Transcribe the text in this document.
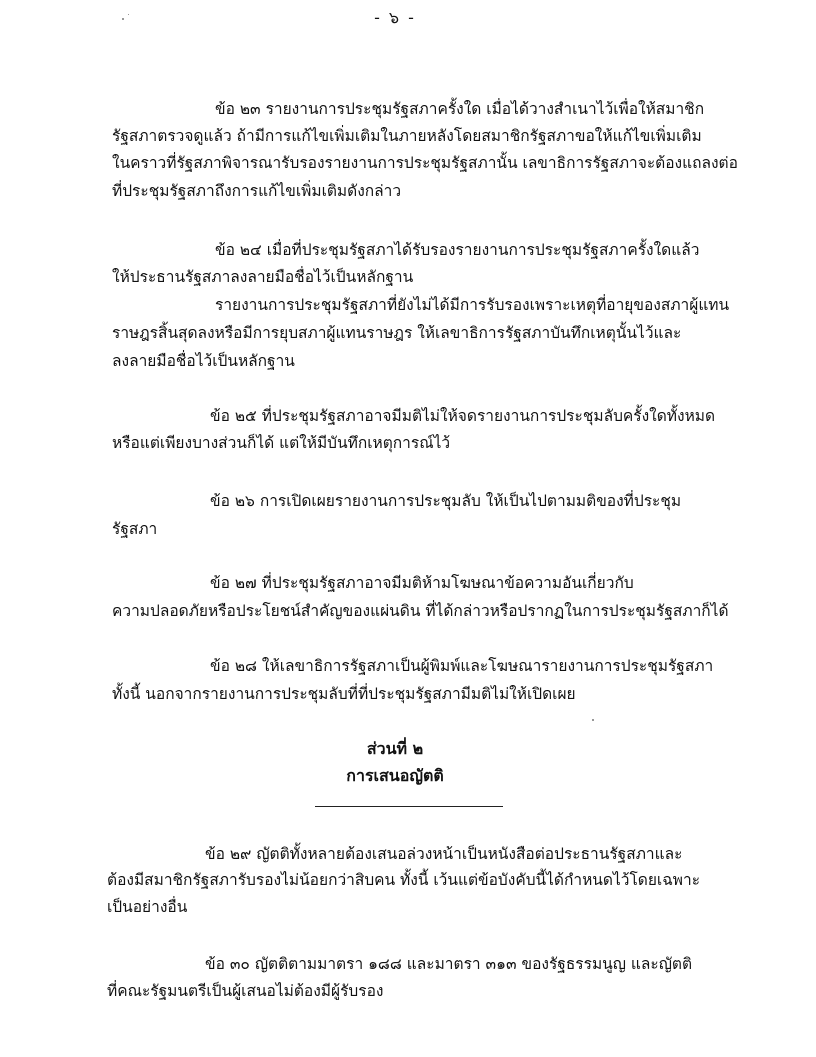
- ๖ -
ข้อ ๒๓ รายงานการประชุมรัฐสภาครั้งใด เมื่อได้วางสำเนาไว้เพื่อให้สมาชิก
รัฐสภาตรวจดูแล้ว ถ้ามีการแก้ไขเพิ่มเติมในภายหลังโดยสมาชิกรัฐสภาขอให้แก้ไขเพิ่มเติม
ในคราวที่รัฐสภาพิจารณารับรองรายงานการประชุมรัฐสภานั้น เลขาธิการรัฐสภาจะต้องแถลงต่อ
ที่ประชุมรัฐสภาถึงการแก้ไขเพิ่มเติมดังกล่าว
ข้อ ๒๔ เมื่อที่ประชุมรัฐสภาได้รับรองรายงานการประชุมรัฐสภาครั้งใดแล้ว
ให้ประธานรัฐสภาลงลายมือชื่อไว้เป็นหลักฐาน
รายงานการประชุมรัฐสภาที่ยังไม่ได้มีการรับรองเพราะเหตุที่อายุของสภาผู้แทน
ราษฎรสิ้นสุดลงหรือมีการยุบสภาผู้แทนราษฎร ให้เลขาธิการรัฐสภาบันทึกเหตุนั้นไว้และ
ลงลายมือชื่อไว้เป็นหลักฐาน
ข้อ ๒๕ ที่ประชุมรัฐสภาอาจมีมติไม่ให้จดรายงานการประชุมลับครั้งใดทั้งหมด
หรือแต่เพียงบางส่วนก็ได้ แต่ให้มีบันทึกเหตุการณ์ไว้
ข้อ ๒๖ การเปิดเผยรายงานการประชุมลับ ให้เป็นไปตามมติของที่ประชุม
รัฐสภา
ข้อ ๒๗ ที่ประชุมรัฐสภาอาจมีมติห้ามโฆษณาข้อความอันเกี่ยวกับ
ความปลอดภัยหรือประโยชน์สำคัญของแผ่นดิน ที่ได้กล่าวหรือปรากฏในการประชุมรัฐสภาก็ได้
ข้อ ๒๘ ให้เลขาธิการรัฐสภาเป็นผู้พิมพ์และโฆษณารายงานการประชุมรัฐสภา
ทั้งนี้ นอกจากรายงานการประชุมลับที่ที่ประชุมรัฐสภามีมติไม่ให้เปิดเผย
ส่วนที่ ๒
การเสนอญัตติ
ข้อ ๒๙ ญัตติทั้งหลายต้องเสนอล่วงหน้าเป็นหนังสือต่อประธานรัฐสภาและ
ต้องมีสมาชิกรัฐสภารับรองไม่น้อยกว่าสิบคน ทั้งนี้ เว้นแต่ข้อบังคับนี้ได้กำหนดไว้โดยเฉพาะ
เป็นอย่างอื่น
ข้อ ๓๐ ญัตติตามมาตรา ๑๘๘ และมาตรา ๓๑๓ ของรัฐธรรมนูญ และญัตติ
ที่คณะรัฐมนตรีเป็นผู้เสนอไม่ต้องมีผู้รับรอง
